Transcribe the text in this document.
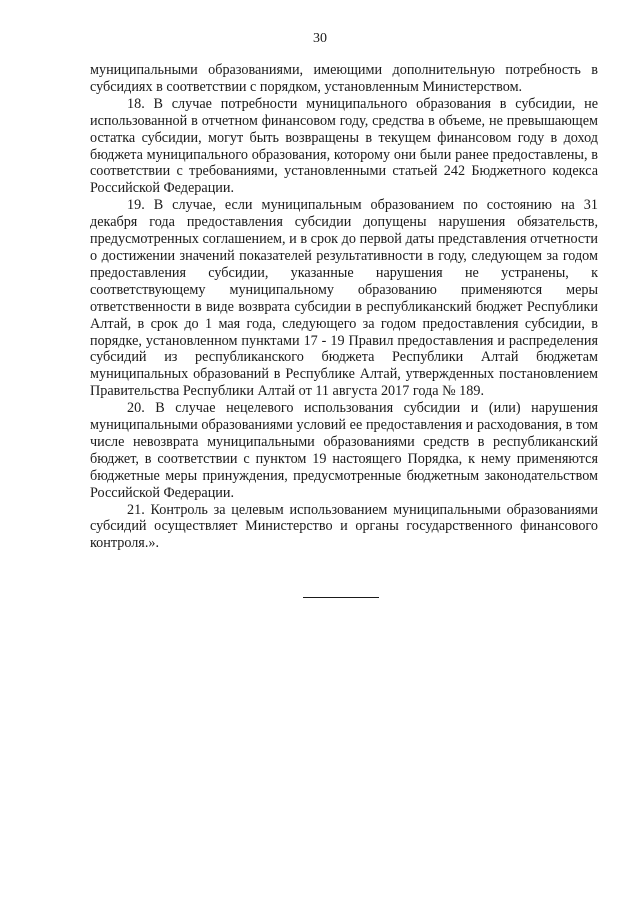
30

муниципальными образованиями, имеющими дополнительную потребность в субсидиях в соответствии с порядком, установленным Министерством.

18. В случае потребности муниципального образования в субсидии, не использованной в отчетном финансовом году, средства в объеме, не превышающем остатка субсидии, могут быть возвращены в текущем финансовом году в доход бюджета муниципального образования, которому они были ранее предоставлены, в соответствии с требованиями, установленными статьей 242 Бюджетного кодекса Российской Федерации.

19. В случае, если муниципальным образованием по состоянию на 31 декабря года предоставления субсидии допущены нарушения обязательств, предусмотренных соглашением, и в срок до первой даты представления отчетности о достижении значений показателей результативности в году, следующем за годом предоставления субсидии, указанные нарушения не устранены, к соответствующему муниципальному образованию применяются меры ответственности в виде возврата субсидии в республиканский бюджет Республики Алтай, в срок до 1 мая года, следующего за годом предоставления субсидии, в порядке, установленном пунктами 17 - 19 Правил предоставления и распределения субсидий из республиканского бюджета Республики Алтай бюджетам муниципальных образований в Республике Алтай, утвержденных постановлением Правительства Республики Алтай от 11 августа 2017 года № 189.

20. В случае нецелевого использования субсидии и (или) нарушения муниципальными образованиями условий ее предоставления и расходования, в том числе невозврата муниципальными образованиями средств в республиканский бюджет, в соответствии с пунктом 19 настоящего Порядка, к нему применяются бюджетные меры принуждения, предусмотренные бюджетным законодательством Российской Федерации.

21. Контроль за целевым использованием муниципальными образованиями субсидий осуществляет Министерство и органы государственного финансового контроля.».
